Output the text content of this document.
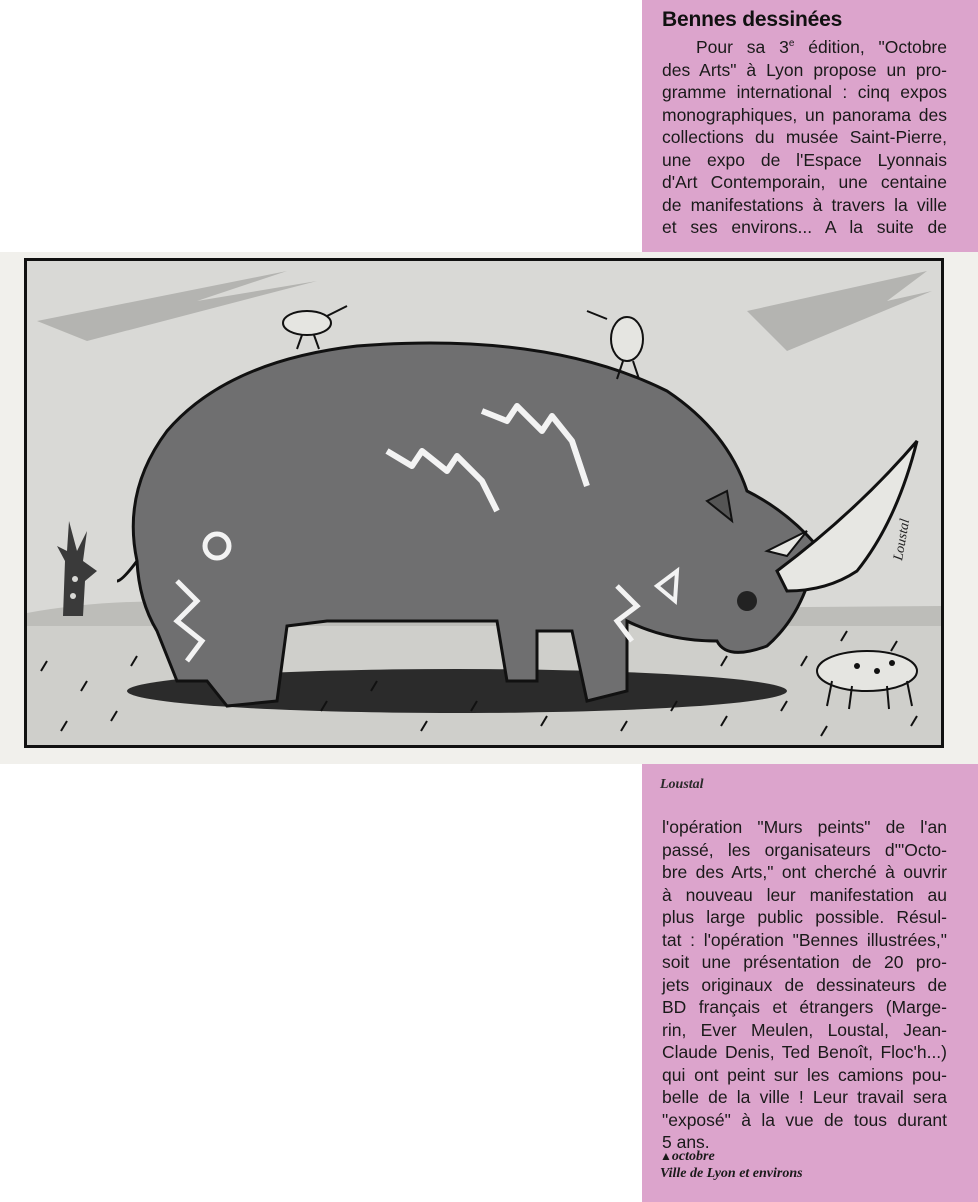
Bennes dessinées
Pour sa 3e édition, "Octobre
des Arts" à Lyon propose un pro-
gramme international : cinq expos
monographiques, un panorama des
collections du musée Saint-Pierre,
une expo de l'Espace Lyonnais
d'Art Contemporain, une centaine
de manifestations à travers la ville
et ses environs... A la suite de
Loustal
Loustal
l'opération "Murs peints" de l'an
passé, les organisateurs d'"Octo-
bre des Arts," ont cherché à ouvrir
à nouveau leur manifestation au
plus large public possible. Résul-
tat : l'opération "Bennes illustrées,"
soit une présentation de 20 pro-
jets originaux de dessinateurs de
BD français et étrangers (Marge-
rin, Ever Meulen, Loustal, Jean-
Claude Denis, Ted Benoît, Floc'h...)
qui ont peint sur les camions pou-
belle de la ville ! Leur travail sera
"exposé" à la vue de tous durant
5 ans.
▲octobre
Ville de Lyon et environs
